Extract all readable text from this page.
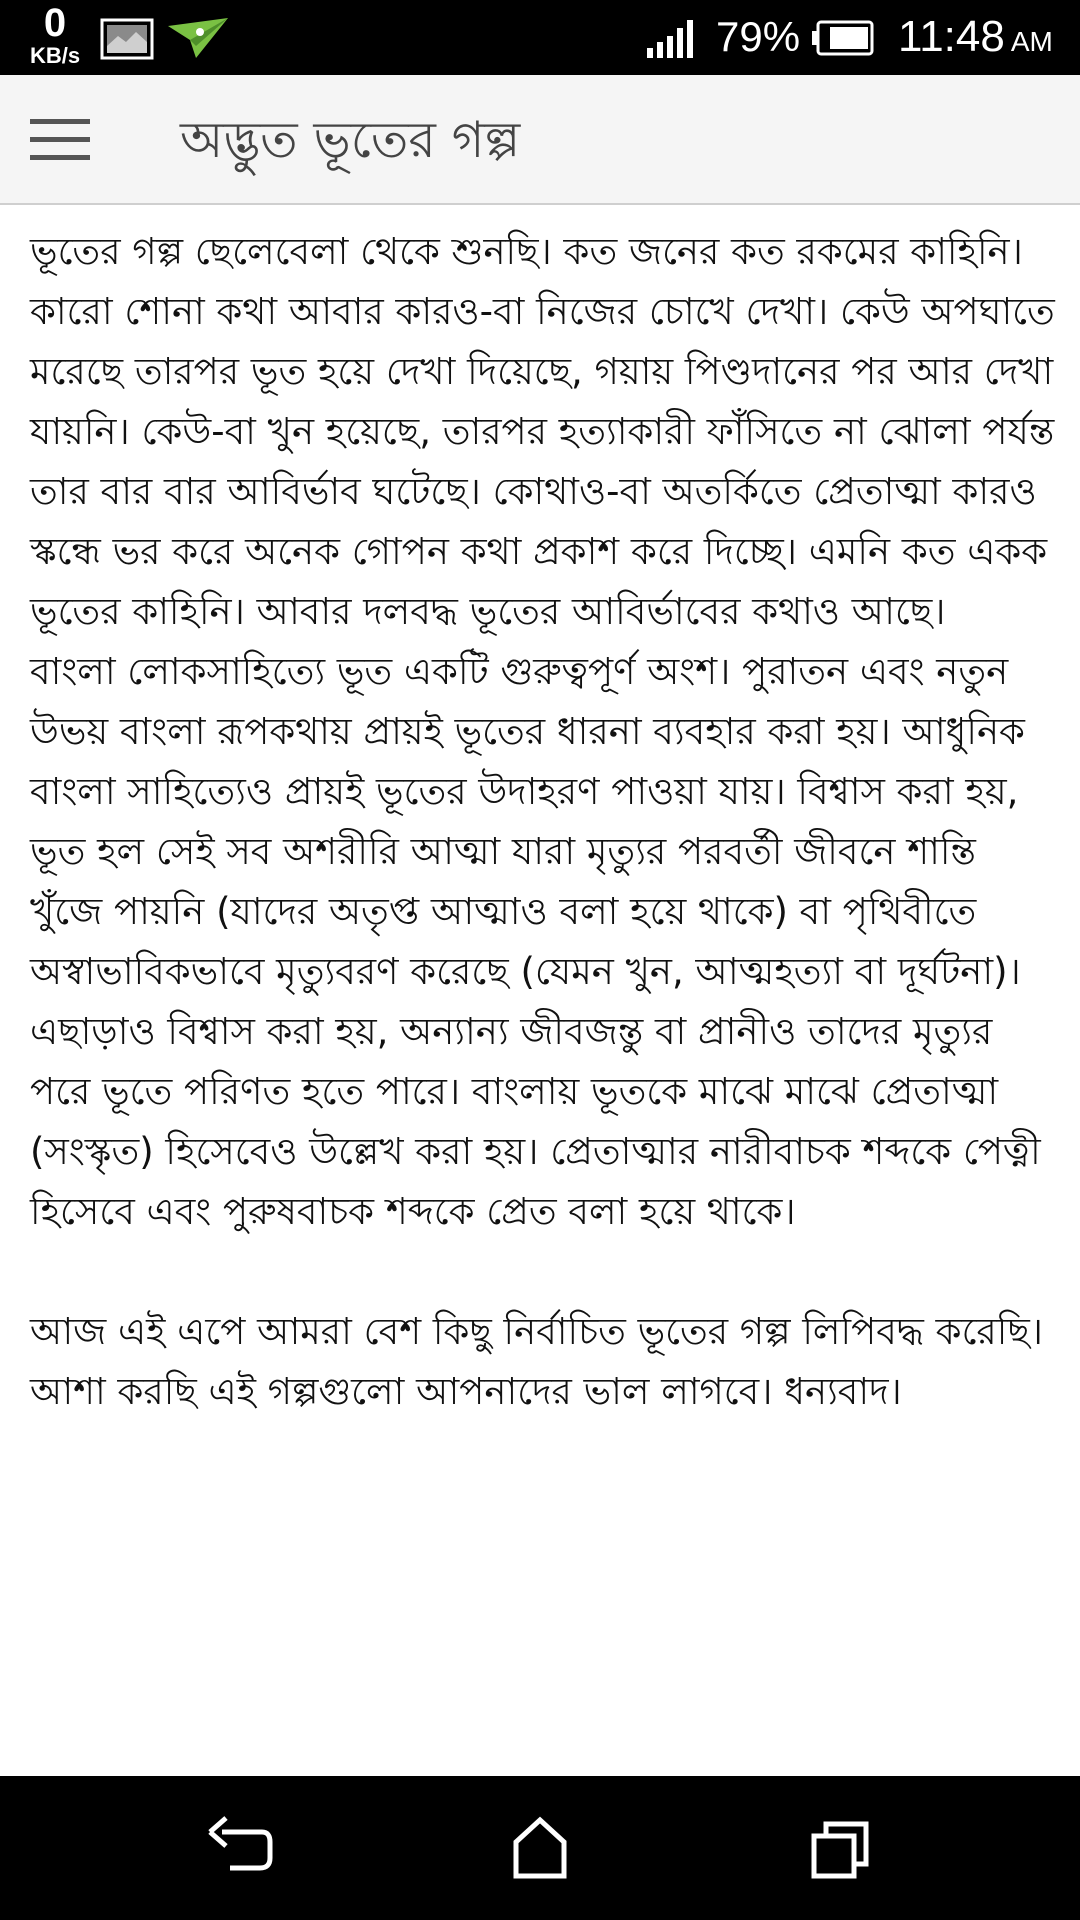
0
KB/s	79% 11:48 AM
অদ্ভুত ভূতের গল্প

ভূতের গল্প ছেলেবেলা থেকে শুনছি। কত জনের কত রকমের কাহিনি। কারো শোনা কথা আবার কারও-বা নিজের চোখে দেখা। কেউ অপঘাতে মরেছে তারপর ভূত হয়ে দেখা দিয়েছে, গয়ায় পিণ্ডদানের পর আর দেখা যায়নি। কেউ-বা খুন হয়েছে, তারপর হত্যাকারী ফাঁসিতে না ঝোলা পর্যন্ত তার বার বার আবির্ভাব ঘটেছে। কোথাও-বা অতর্কিতে প্রেতাত্মা কারও স্কন্ধে ভর করে অনেক গোপন কথা প্রকাশ করে দিচ্ছে। এমনি কত একক ভূতের কাহিনি। আবার দলবদ্ধ ভূতের আবির্ভাবের কথাও আছে।

বাংলা লোকসাহিত্যে ভূত একটি গুরুত্বপূর্ণ অংশ। পুরাতন এবং নতুন উভয় বাংলা রূপকথায় প্রায়ই ভূতের ধারনা ব্যবহার করা হয়। আধুনিক বাংলা সাহিত্যেও প্রায়ই ভূতের উদাহরণ পাওয়া যায়। বিশ্বাস করা হয়, ভূত হল সেই সব অশরীরি আত্মা যারা মৃত্যুর পরবর্তী জীবনে শান্তি খুঁজে পায়নি (যাদের অতৃপ্ত আত্মাও বলা হয়ে থাকে) বা পৃথিবীতে অস্বাভাবিকভাবে মৃত্যুবরণ করেছে (যেমন খুন, আত্মহত্যা বা দূর্ঘটনা)। এছাড়াও বিশ্বাস করা হয়, অন্যান্য জীবজন্তু বা প্রানীও তাদের মৃত্যুর পরে ভূতে পরিণত হতে পারে। বাংলায় ভূতকে মাঝে মাঝে প্রেতাত্মা (সংস্কৃত) হিসেবেও উল্লেখ করা হয়। প্রেতাত্মার নারীবাচক শব্দকে পেত্নী হিসেবে এবং পুরুষবাচক শব্দকে প্রেত বলা হয়ে থাকে।

আজ এই এপে আমরা বেশ কিছু নির্বাচিত ভূতের গল্প লিপিবদ্ধ করেছি। আশা করছি এই গল্পগুলো আপনাদের ভাল লাগবে। ধন্যবাদ।
